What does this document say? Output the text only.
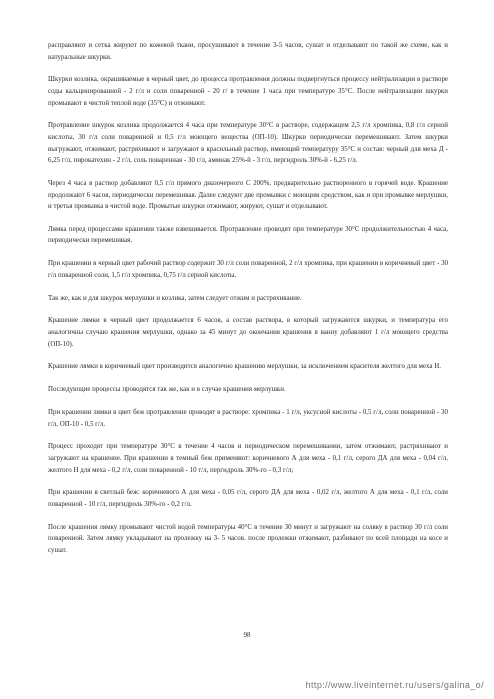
расправляют и сетка жируют по кожевой ткани, просушивают в течение 3-5 часов, сушат и отделывают по такой же схеме, как и натуральные шкурки.

Шкурки козлика, окрашиваемые в черный цвет, до процесса протравления должны подвергнуться процессу нейтрализации в растворе соды кальцинированной - 2 г/л и соли поваренной - 20 г/ в течение 1 часа при температуре 35°С. После нейтрализации шкурки промывают в чистой теплой воде (35°С) и отжимают.

Протравление шкурок козлика продолжается 4 часа при температуре 30°С в растворе, содержащем 2,5 г/л хромпика, 0,8 г/л серной кислоты, 30 г/л соли поваренной и 0,5 г/л моющего вещества (ОП-10). Шкурки периодически перемешивают. Затем шкурки выгружают, отжимают, растряхивают и загружают в красильный раствор, имеющий температуру 35°С и состав: черный для меха Д - 6,25 г/л, пирокатехин - 2 г/л, соль поваренная - 30 г/л, аммиак 25%-й - 3 г/л, пергидроль 30%-й - 6,25 г/л.

Через 4 часа в раствор добавляют 0,5 г/л прямого диазочерного С 200%, предварительно растворенного в горячей воде. Крашение продолжают 6 часов, периодически перемешивая. Далее следуют две промывки с моющим средством, как и при промывке мерлушки, и третья промывка в чистой воде. Промытые шкурки отжимают, жируют, сушат и отделывают.

Лямка перед процессами крашения также взвешивается. Протравление проводят при температуре 30°С продолжительностью 4 часа, периодически перемешивая.

При крашении в черный цвет рабочий раствор содержит 30 г/л соли поваренной, 2 г/л хромпика, при крашении в коричневый цвет - 30 г/л поваренной соли, 1,5 г/л хромпика, 0,75 г/л серной кислоты.

Так же, как и для шкурок мерлушки и козлика, затем следует отжим и растряхивание.

Крашение лямки в черный цвет продолжается 6 часов, а состав раствора, в который загружаются шкурки, и температура его аналогичны случаю крашения мерлушки, однако за 45 минут до окончания крашения в ванну добавляют 1 г/л моющего средства (ОП-10).

Крашение лямки в коричневый цвет производится аналогично крашению мерлушки, за исключением красителя желтого для меха Н.

Последующие процессы проводятся так же, как и в случае крашения мерлушки.

При крашении лямки в цвет беж протравление проводят в растворе: хромпика - 1 г/л, уксусной кислоты - 0,5 г/л, соли поваренной - 30 г/л, ОП-10 - 0,5 г/л.

Процесс проходят при температуре 30°С в течение 4 часов и периодическом перемешивании, затем отжимают, растряхивают и загружают на крашение. При крашении в темный беж применяют: коричневого А для меха - 0,1 г/л, серого ДА для меха - 0,04 г/л, желтого Н для меха - 0,2 г/л, соли поваренной - 10 г/л, пергидроль 30%-го - 0,3 г/л;

При крашении в светлый беж: коричневого А для меха - 0,05 г/л, серого ДА для меха - 0,02 г/л, желтого А для меха - 0,1 г/л, соли поваренной - 10 г/л, пергидроль 30%-го - 0,2 г/л.

После крашения лямку промывают чистой водой температуры 40°С в течение 30 минут и загружают на соляку в раствор 30 г/л соли поваренной. Затем лямку укладывают на пролежку на 3- 5 часов. после пролежки отжимают, разбивают по всей площади на косе и сушат.

98
http://www.liveinternet.ru/users/galina_o/
